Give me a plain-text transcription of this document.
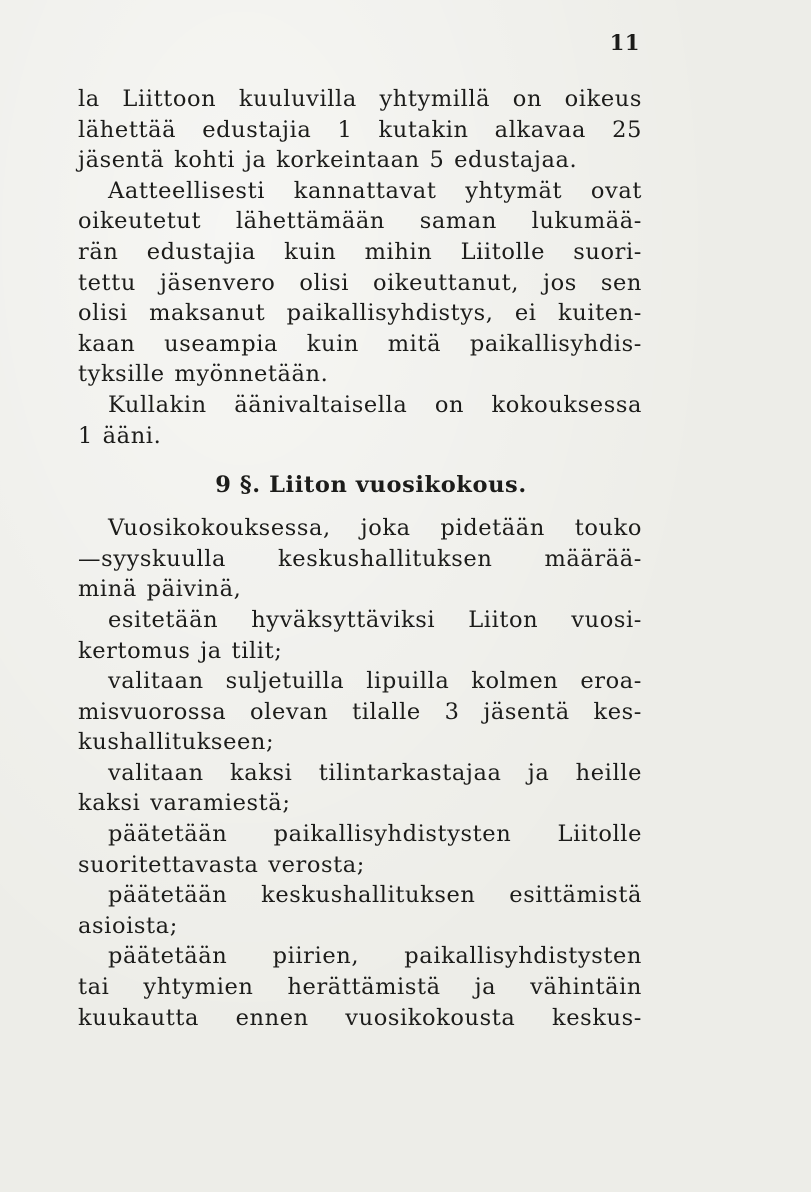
11
la Liittoon kuuluvilla yhtymillä on oikeus
lähettää edustajia 1 kutakin alkavaa 25
jäsentä kohti ja korkeintaan 5 edustajaa.
Aatteellisesti kannattavat yhtymät ovat
oikeutetut lähettämään saman lukumää-
rän edustajia kuin mihin Liitolle suori-
tettu jäsenvero olisi oikeuttanut, jos sen
olisi maksanut paikallisyhdistys, ei kuiten-
kaan useampia kuin mitä paikallisyhdis-
tyksille myönnetään.
Kullakin äänivaltaisella on kokouksessa
1 ääni.
9 §. Liiton vuosikokous.
Vuosikokouksessa, joka pidetään touko
—syyskuulla keskushallituksen määrää-
minä päivinä,
esitetään hyväksyttäviksi Liiton vuosi-
kertomus ja tilit;
valitaan suljetuilla lipuilla kolmen eroa-
misvuorossa olevan tilalle 3 jäsentä kes-
kushallitukseen;
valitaan kaksi tilintarkastajaa ja heille
kaksi varamiestä;
päätetään paikallisyhdistysten Liitolle
suoritettavasta verosta;
päätetään keskushallituksen esittämistä
asioista;
päätetään piirien, paikallisyhdistysten
tai yhtymien herättämistä ja vähintäin
kuukautta ennen vuosikokousta keskus-
